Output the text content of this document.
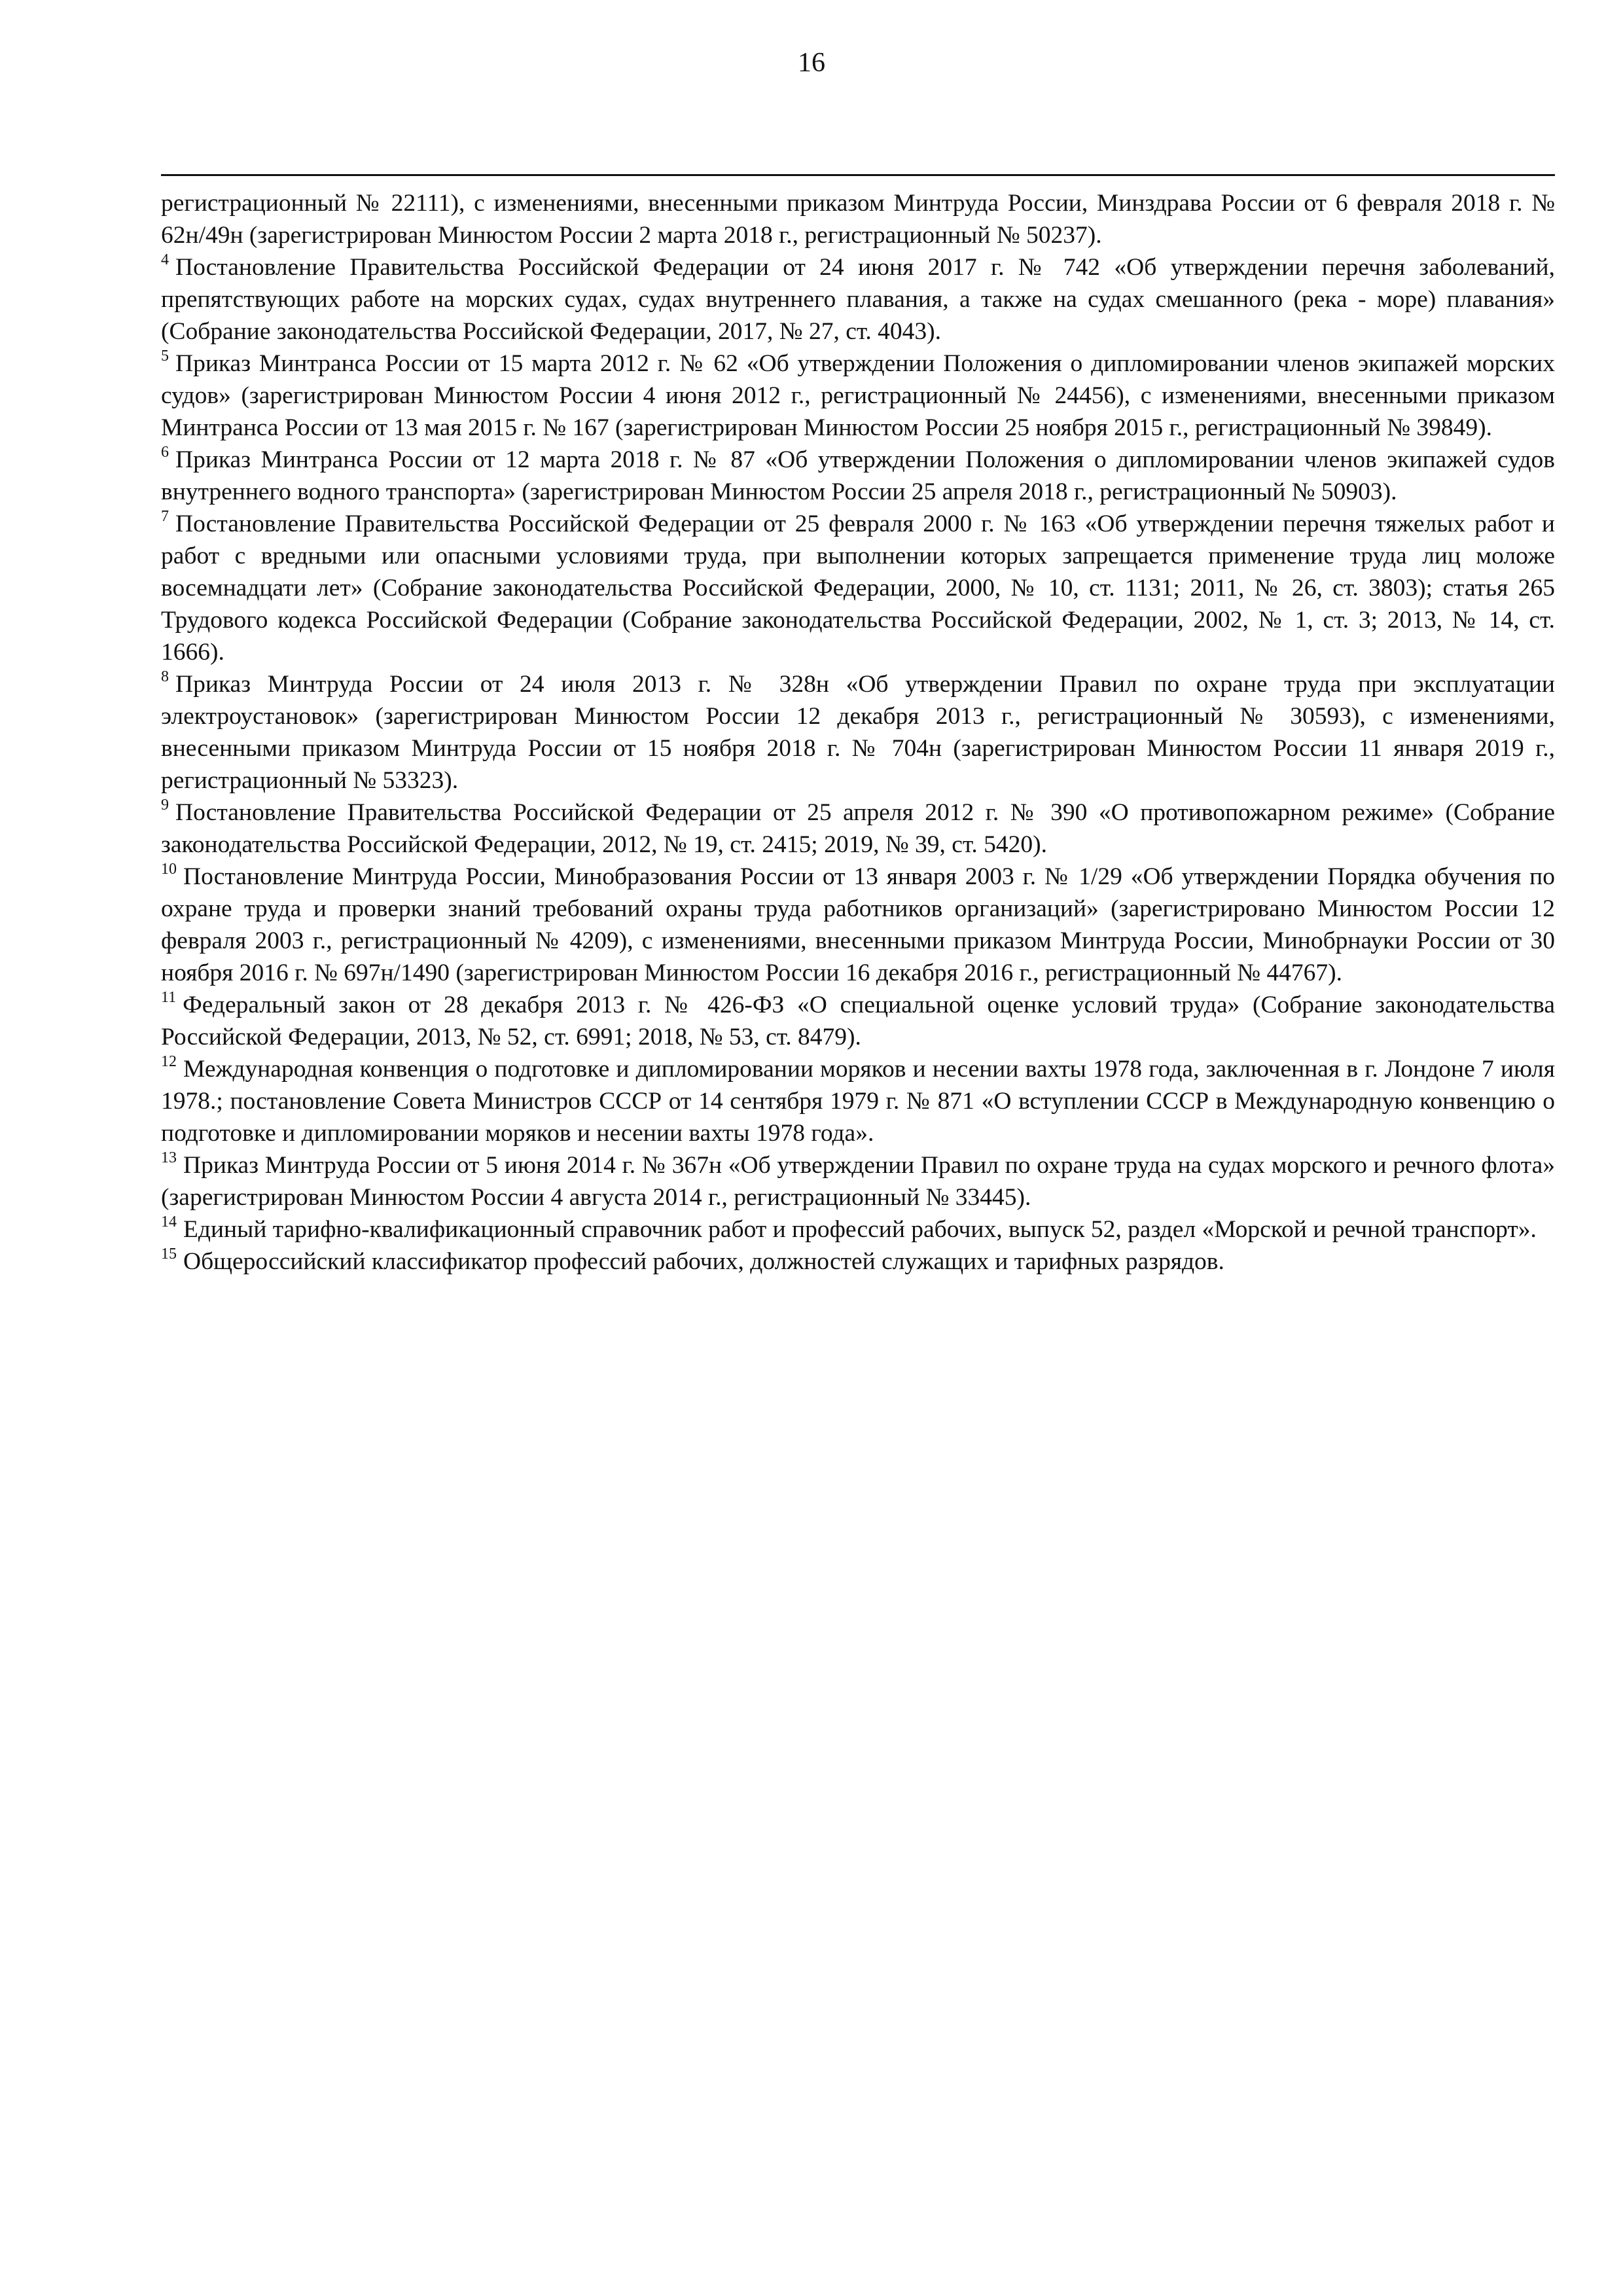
16

регистрационный № 22111), с изменениями, внесенными приказом Минтруда России, Минздрава России от 6 февраля 2018 г. № 62н/49н (зарегистрирован Минюстом России 2 марта 2018 г., регистрационный № 50237).

$^4$ Постановление Правительства Российской Федерации от 24 июня 2017 г. № 742 «Об утверждении перечня заболеваний, препятствующих работе на морских судах, судах внутреннего плавания, а также на судах смешанного (река - море) плавания» (Собрание законодательства Российской Федерации, 2017, № 27, ст. 4043).

$^5$ Приказ Минтранса России от 15 марта 2012 г. № 62 «Об утверждении Положения о дипломировании членов экипажей морских судов» (зарегистрирован Минюстом России 4 июня 2012 г., регистрационный № 24456), с изменениями, внесенными приказом Минтранса России от 13 мая 2015 г. № 167 (зарегистрирован Минюстом России 25 ноября 2015 г., регистрационный № 39849).

$^6$ Приказ Минтранса России от 12 марта 2018 г. № 87 «Об утверждении Положения о дипломировании членов экипажей судов внутреннего водного транспорта» (зарегистрирован Минюстом России 25 апреля 2018 г., регистрационный № 50903).

$^7$ Постановление Правительства Российской Федерации от 25 февраля 2000 г. № 163 «Об утверждении перечня тяжелых работ и работ с вредными или опасными условиями труда, при выполнении которых запрещается применение труда лиц моложе восемнадцати лет» (Собрание законодательства Российской Федерации, 2000, № 10, ст. 1131; 2011, № 26, ст. 3803); статья 265 Трудового кодекса Российской Федерации (Собрание законодательства Российской Федерации, 2002, № 1, ст. 3; 2013, № 14, ст. 1666).

$^8$ Приказ Минтруда России от 24 июля 2013 г. № 328н «Об утверждении Правил по охране труда при эксплуатации электроустановок» (зарегистрирован Минюстом России 12 декабря 2013 г., регистрационный № 30593), с изменениями, внесенными приказом Минтруда России от 15 ноября 2018 г. № 704н (зарегистрирован Минюстом России 11 января 2019 г., регистрационный № 53323).

$^9$ Постановление Правительства Российской Федерации от 25 апреля 2012 г. № 390 «О противопожарном режиме» (Собрание законодательства Российской Федерации, 2012, № 19, ст. 2415; 2019, № 39, ст. 5420).

$^{10}$ Постановление Минтруда России, Минобразования России от 13 января 2003 г. № 1/29 «Об утверждении Порядка обучения по охране труда и проверки знаний требований охраны труда работников организаций» (зарегистрировано Минюстом России 12 февраля 2003 г., регистрационный № 4209), с изменениями, внесенными приказом Минтруда России, Минобрнауки России от 30 ноября 2016 г. № 697н/1490 (зарегистрирован Минюстом России 16 декабря 2016 г., регистрационный № 44767).

$^{11}$ Федеральный закон от 28 декабря 2013 г. № 426-ФЗ «О специальной оценке условий труда» (Собрание законодательства Российской Федерации, 2013, № 52, ст. 6991; 2018, № 53, ст. 8479).

$^{12}$ Международная конвенция о подготовке и дипломировании моряков и несении вахты 1978 года, заключенная в г. Лондоне 7 июля 1978.; постановление Совета Министров СССР от 14 сентября 1979 г. № 871 «О вступлении СССР в Международную конвенцию о подготовке и дипломировании моряков и несении вахты 1978 года».

$^{13}$ Приказ Минтруда России от 5 июня 2014 г. № 367н «Об утверждении Правил по охране труда на судах морского и речного флота» (зарегистрирован Минюстом России 4 августа 2014 г., регистрационный № 33445).

$^{14}$ Единый тарифно-квалификационный справочник работ и профессий рабочих, выпуск 52, раздел «Морской и речной транспорт».

$^{15}$ Общероссийский классификатор профессий рабочих, должностей служащих и тарифных разрядов.
